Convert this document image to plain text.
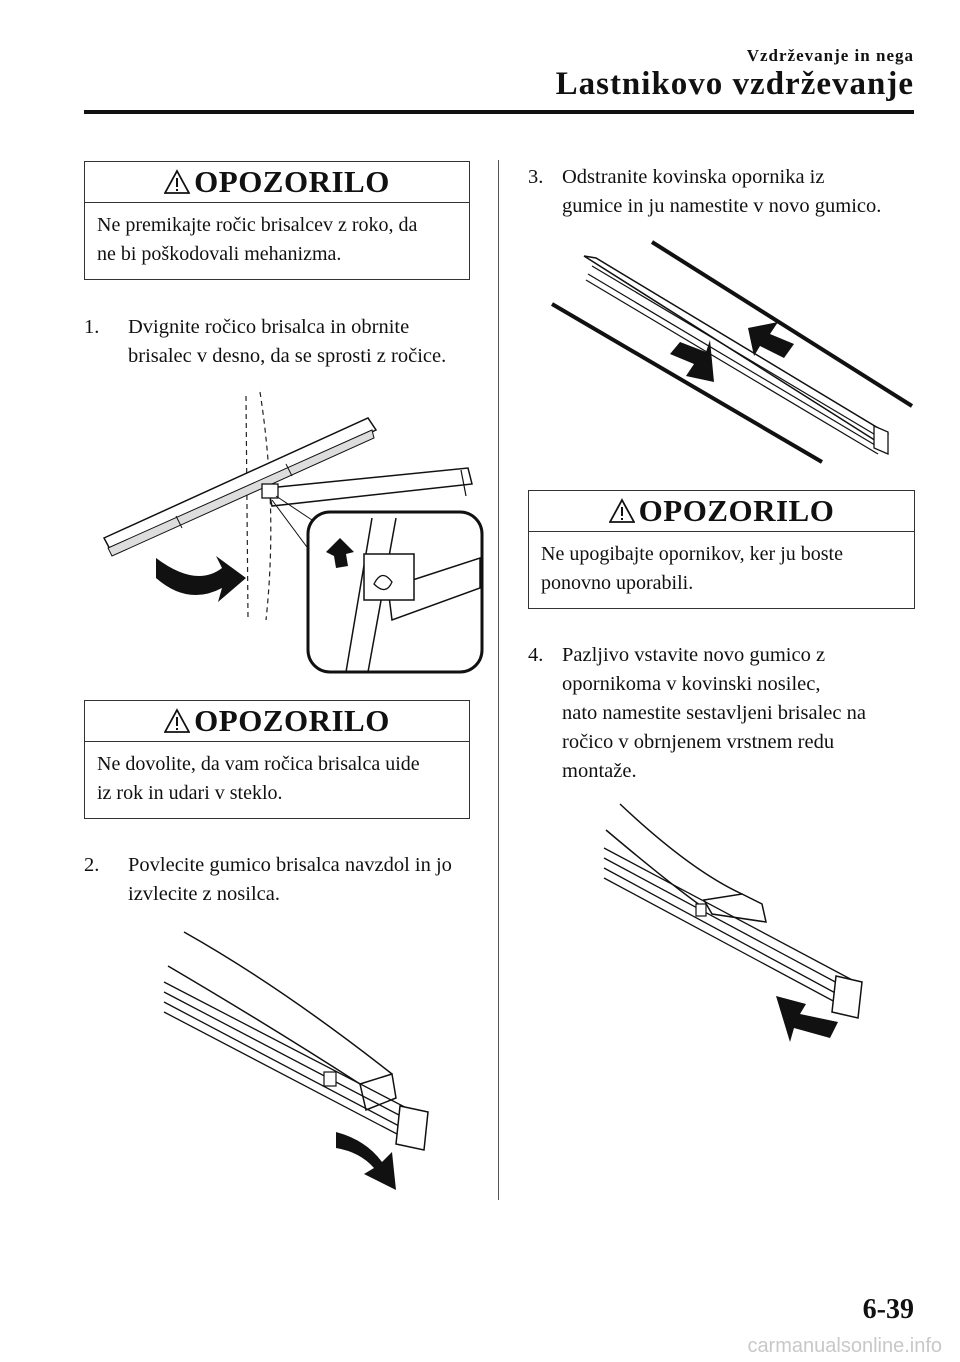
Vzdrževanje in nega
Lastnikovo vzdrževanje
OPOZORILO
Ne premikajte ročic brisalcev z roko, da
ne bi poškodovali mehanizma.
1. Dvignite ročico brisalca in obrnite
brisalec v desno, da se sprosti z ročice.
OPOZORILO
Ne dovolite, da vam ročica brisalca uide
iz rok in udari v steklo.
2. Povlecite gumico brisalca navzdol in jo
izvlecite z nosilca.
3. Odstranite kovinska opornika iz
gumice in ju namestite v novo gumico.
OPOZORILO
Ne upogibajte opornikov, ker ju boste
ponovno uporabili.
4. Pazljivo vstavite novo gumico z
opornikoma v kovinski nosilec,
nato namestite sestavljeni brisalec na
ročico v obrnjenem vrstnem redu
montaže.
6-39
carmanualsonline.info
